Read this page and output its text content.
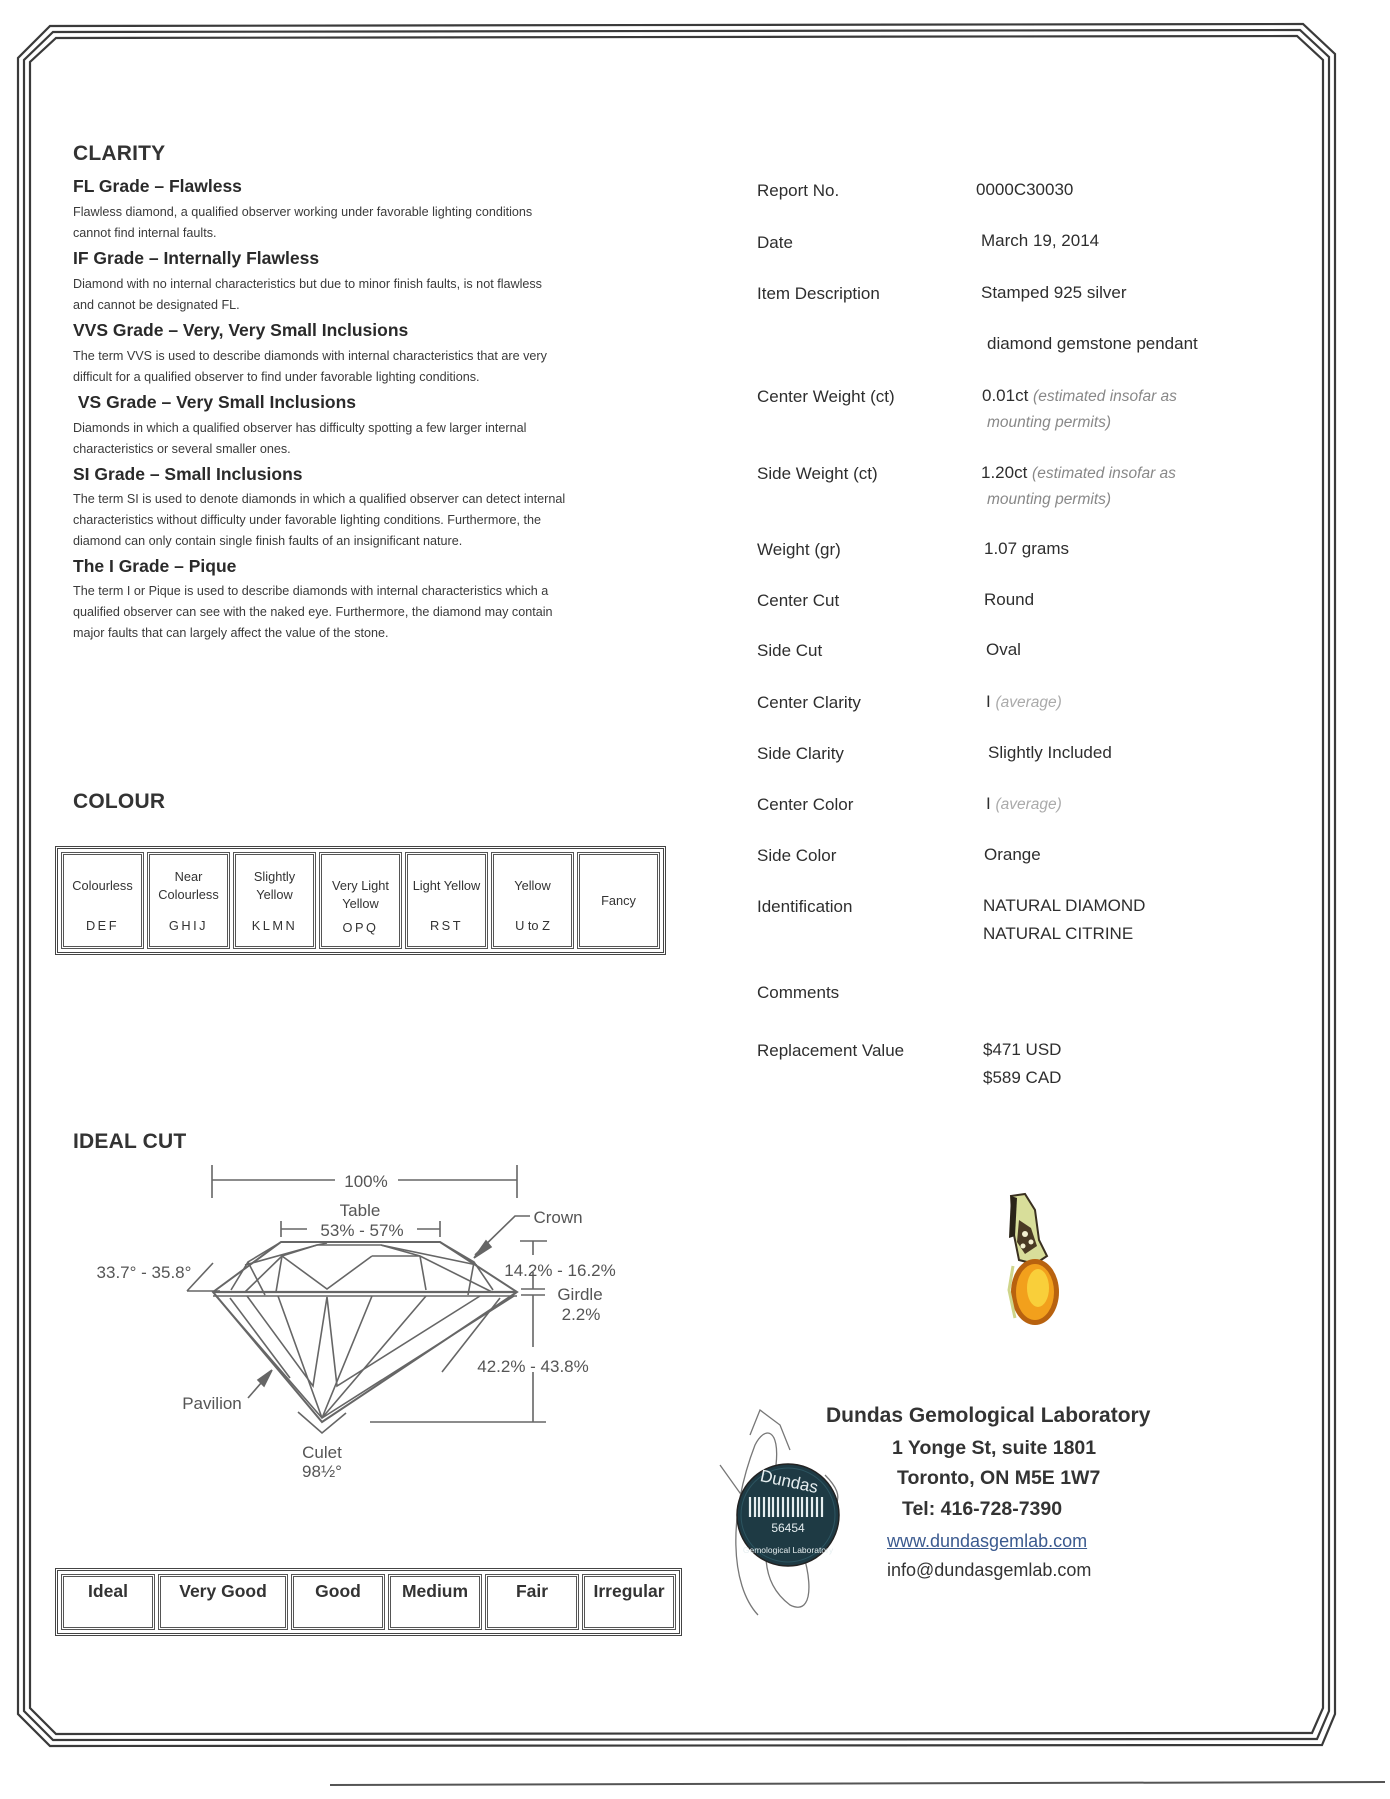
CLARITY
FL Grade – Flawless
Flawless diamond, a qualified observer working under favorable lighting conditions
cannot find internal faults.
IF Grade – Internally Flawless
Diamond with no internal characteristics but due to minor finish faults, is not flawless
and cannot be designated FL.
VVS Grade – Very, Very Small Inclusions
The term VVS is used to describe diamonds with internal characteristics that are very
difficult for a qualified observer to find under favorable lighting conditions.
VS Grade – Very Small Inclusions
Diamonds in which a qualified observer has difficulty spotting a few larger internal
characteristics or several smaller ones.
SI Grade – Small Inclusions
The term SI is used to denote diamonds in which a qualified observer can detect internal
characteristics without difficulty under favorable lighting conditions. Furthermore, the
diamond can only contain single finish faults of an insignificant nature.
The I Grade – Pique
The term I or Pique is used to describe diamonds with internal characteristics which a
qualified observer can see with the naked eye. Furthermore, the diamond may contain
major faults that can largely affect the value of the stone.
COLOUR
Colourless
DEF

Near Colourless
GHIJ

Slightly Yellow
KLMN

Very Light Yellow
OPQ

Light Yellow
RST

Yellow
U to Z
	Fancy
IDEAL CUT
100%
Table
53% - 57%
Crown
33.7° - 35.8°	14.2% - 16.2%
Girdle
2.2%
42.2% - 43.8%
Pavilion
Culet
98½°
Ideal	Very Good	Good	Medium	Fair	Irregular
Report No.	0000C30030
Date	March 19, 2014
Item Description	Stamped 925 silver
diamond gemstone pendant
Center Weight (ct)	0.01ct (estimated insofar as
mounting permits)
Side Weight (ct)	1.20ct (estimated insofar as
mounting permits)
Weight (gr)	1.07 grams
Center Cut	Round
Side Cut	Oval
Center Clarity	I (average)
Side Clarity	Slightly Included
Center Color	I (average)
Side Color	Orange
Identification	NATURAL DIAMOND
NATURAL CITRINE
Comments
Replacement Value	$471 USD
$589 CAD
Dundas
56454
Gemological Laboratory
Dundas Gemological Laboratory
1 Yonge St, suite 1801
Toronto, ON M5E 1W7
Tel: 416-728-7390
www.dundasgemlab.com
info@dundasgemlab.com
